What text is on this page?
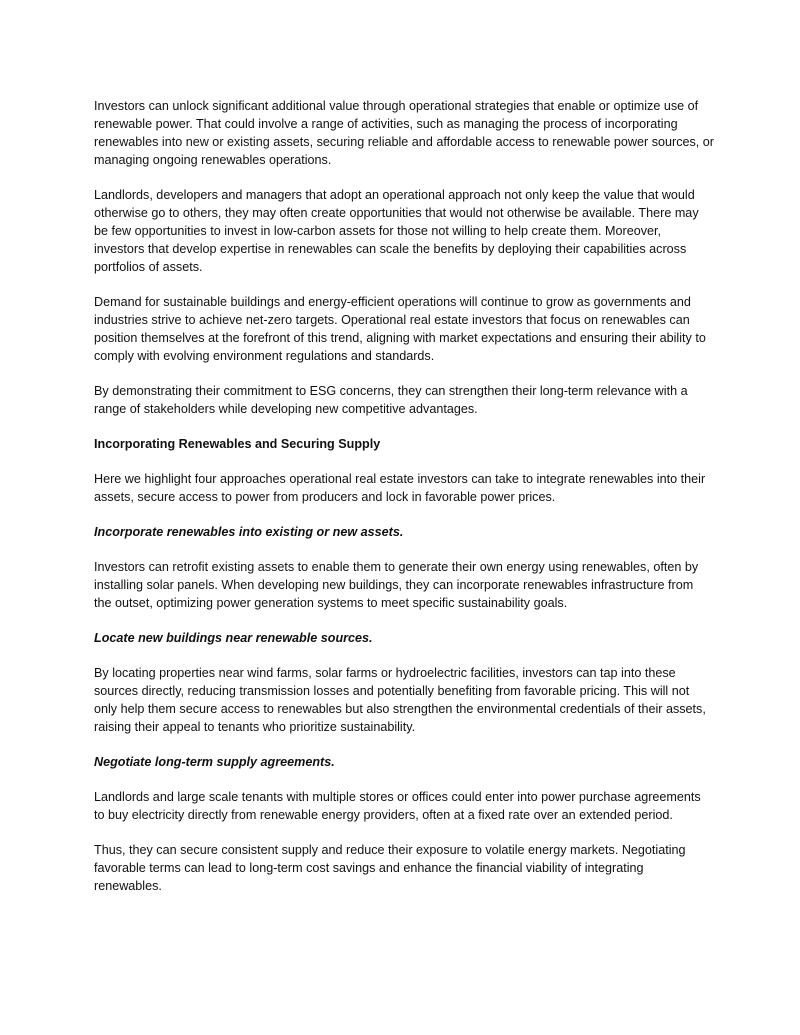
Investors can unlock significant additional value through operational strategies that enable or optimize use of renewable power. That could involve a range of activities, such as managing the process of incorporating renewables into new or existing assets, securing reliable and affordable access to renewable power sources, or managing ongoing renewables operations.

Landlords, developers and managers that adopt an operational approach not only keep the value that would otherwise go to others, they may often create opportunities that would not otherwise be available. There may be few opportunities to invest in low-carbon assets for those not willing to help create them. Moreover, investors that develop expertise in renewables can scale the benefits by deploying their capabilities across portfolios of assets.

Demand for sustainable buildings and energy-efficient operations will continue to grow as governments and industries strive to achieve net-zero targets. Operational real estate investors that focus on renewables can position themselves at the forefront of this trend, aligning with market expectations and ensuring their ability to comply with evolving environment regulations and standards.

By demonstrating their commitment to ESG concerns, they can strengthen their long-term relevance with a range of stakeholders while developing new competitive advantages.

Incorporating Renewables and Securing Supply

Here we highlight four approaches operational real estate investors can take to integrate renewables into their assets, secure access to power from producers and lock in favorable power prices.

Incorporate renewables into existing or new assets.

Investors can retrofit existing assets to enable them to generate their own energy using renewables, often by installing solar panels. When developing new buildings, they can incorporate renewables infrastructure from the outset, optimizing power generation systems to meet specific sustainability goals.

Locate new buildings near renewable sources.

By locating properties near wind farms, solar farms or hydroelectric facilities, investors can tap into these sources directly, reducing transmission losses and potentially benefiting from favorable pricing. This will not only help them secure access to renewables but also strengthen the environmental credentials of their assets, raising their appeal to tenants who prioritize sustainability.

Negotiate long-term supply agreements.

Landlords and large scale tenants with multiple stores or offices could enter into power purchase agreements to buy electricity directly from renewable energy providers, often at a fixed rate over an extended period.

Thus, they can secure consistent supply and reduce their exposure to volatile energy markets. Negotiating favorable terms can lead to long-term cost savings and enhance the financial viability of integrating renewables.
